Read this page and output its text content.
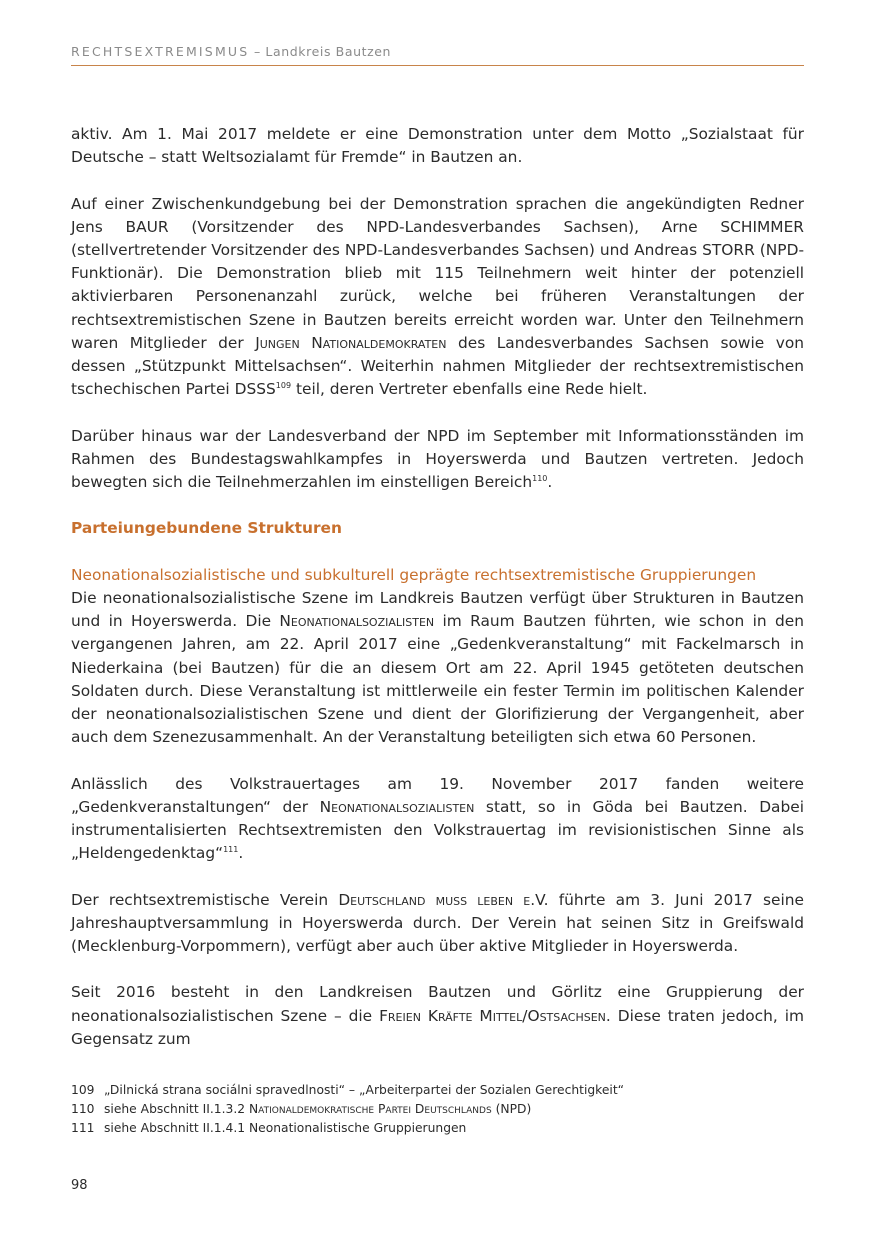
RECHTSEXTREMISMUS – Landkreis Bautzen

aktiv. Am 1. Mai 2017 meldete er eine Demonstration unter dem Motto „Sozialstaat für Deutsche – statt Weltsozialamt für Fremde“ in Bautzen an.

Auf einer Zwischenkundgebung bei der Demonstration sprachen die angekündigten Redner Jens BAUR (Vorsitzender des NPD-Landesverbandes Sachsen), Arne SCHIMMER (stellvertretender Vorsitzender des NPD-Landesverbandes Sachsen) und Andreas STORR (NPD-Funktionär). Die Demonstration blieb mit 115 Teilnehmern weit hinter der potenziell aktivierbaren Personenanzahl zurück, welche bei früheren Veranstaltungen der rechtsextremistischen Szene in Bautzen bereits erreicht worden war. Unter den Teilnehmern waren Mitglieder der Jungen Nationaldemokraten des Landesverbandes Sachsen sowie von dessen „Stützpunkt Mittelsachsen“. Weiterhin nahmen Mitglieder der rechtsextremistischen tschechischen Partei DSSS$^{109}$ teil, deren Vertreter ebenfalls eine Rede hielt.

Darüber hinaus war der Landesverband der NPD im September mit Informationsständen im Rahmen des Bundestagswahlkampfes in Hoyerswerda und Bautzen vertreten. Jedoch bewegten sich die Teilnehmerzahlen im einstelligen Bereich$^{110}$.

Parteiungebundene Strukturen
Neonationalsozialistische und subkulturell geprägte rechtsextremistische Gruppierungen

Die neonationalsozialistische Szene im Landkreis Bautzen verfügt über Strukturen in Bautzen und in Hoyerswerda. Die Neonationalsozialisten im Raum Bautzen führten, wie schon in den vergangenen Jahren, am 22. April 2017 eine „Gedenkveranstaltung“ mit Fackelmarsch in Niederkaina (bei Bautzen) für die an diesem Ort am 22. April 1945 getöteten deutschen Soldaten durch. Diese Veranstaltung ist mittlerweile ein fester Termin im politischen Kalender der neonationalsozialistischen Szene und dient der Glorifizierung der Vergangenheit, aber auch dem Szenezusammenhalt. An der Veranstaltung beteiligten sich etwa 60 Personen.

Anlässlich des Volkstrauertages am 19. November 2017 fanden weitere „Gedenkveranstaltungen“ der Neonationalsozialisten statt, so in Göda bei Bautzen. Dabei instrumentalisierten Rechtsextremisten den Volkstrauertag im revisionistischen Sinne als „Heldengedenktag“$^{111}$.

Der rechtsextremistische Verein Deutschland muss leben e.V. führte am 3. Juni 2017 seine Jahreshauptversammlung in Hoyerswerda durch. Der Verein hat seinen Sitz in Greifswald (Mecklenburg-Vorpommern), verfügt aber auch über aktive Mitglieder in Hoyerswerda.

Seit 2016 besteht in den Landkreisen Bautzen und Görlitz eine Gruppierung der neonationalsozialistischen Szene – die Freien Kräfte Mittel/Ostsachsen. Diese traten jedoch, im Gegensatz zum

109 „Dilnická strana sociálni spravedlnosti“ – „Arbeiterpartei der Sozialen Gerechtigkeit“
110 siehe Abschnitt II.1.3.2 Nationaldemokratische Partei Deutschlands (NPD)
111 siehe Abschnitt II.1.4.1 Neonationalistische Gruppierungen
98
